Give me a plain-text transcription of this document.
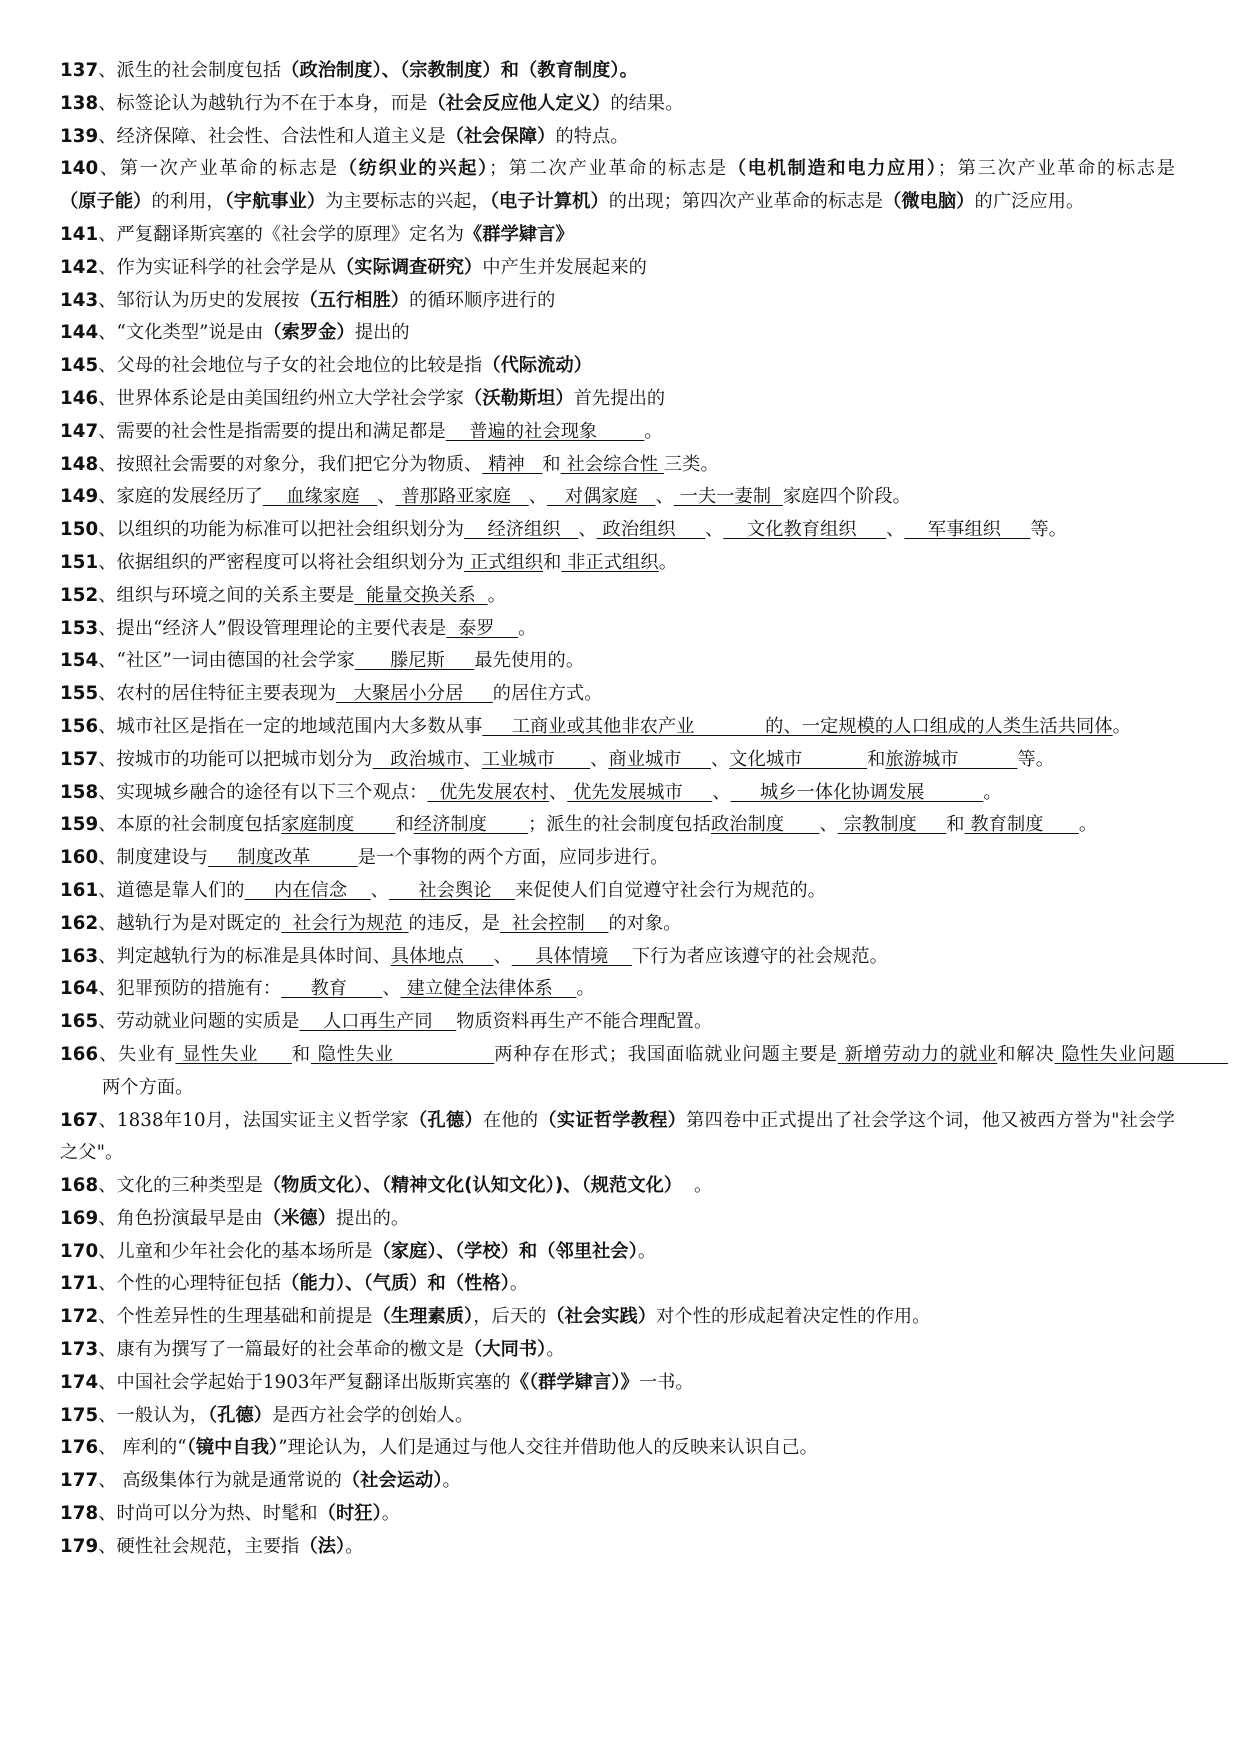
137、派生的社会制度包括（政治制度）、（宗教制度）和（教育制度）。
138、标签论认为越轨行为不在于本身，而是（社会反应他人定义）的结果。
139、经济保障、社会性、合法性和人道主义是（社会保障）的特点。
140、第一次产业革命的标志是（纺织业的兴起）；第二次产业革命的标志是（电机制造和电力应用）；第三次产业革命的标志是（原子能）的利用，（宇航事业）为主要标志的兴起，（电子计算机）的出现；第四次产业革命的标志是（微电脑）的广泛应用。
141、严复翻译斯宾塞的《社会学的原理》定名为《群学肄言》
142、作为实证科学的社会学是从（实际调查研究）中产生并发展起来的
143、邹衍认为历史的发展按（五行相胜）的循环顺序进行的
144、“文化类型”说是由（索罗金）提出的
145、父母的社会地位与子女的社会地位的比较是指（代际流动）
146、世界体系论是由美国纽约州立大学社会学家（沃勒斯坦）首先提出的
147、需要的社会性是指需要的提出和满足都是    普遍的社会现象        。
148、按照社会需要的对象分，我们把它分为物质、 精神   和 社会综合性 三类。
149、家庭的发展经历了    血缘家庭   、 普那路亚家庭   、   对偶家庭   、 一夫一妻制  家庭四个阶段。
150、以组织的功能为标准可以把社会组织划分为    经济组织   、 政治组织     、    文化教育组织     、    军事组织     等。
151、依据组织的严密程度可以将社会组织划分为 正式组织和 非正式组织。
152、组织与环境之间的关系主要是  能量交换关系  。
153、提出“经济人”假设管理理论的主要代表是  泰罗    。
154、“社区”一词由德国的社会学家      滕尼斯     最先使用的。
155、农村的居住特征主要表现为   大聚居小分居     的居住方式。
156、城市社区是指在一定的地域范围内大多数从事     工商业或其他非农产业            的、一定规模的人口组成的人类生活共同体。
157、按城市的功能可以把城市划分为   政治城市、工业城市      、商业城市     、文化城市           和旅游城市          等。
158、实现城乡融合的途径有以下三个观点：  优先发展农村、 优先发展城市     、     城乡一体化协调发展          。
159、本原的社会制度包括家庭制度       和经济制度       ；派生的社会制度包括政治制度      、 宗教制度     和 教育制度      。
160、制度建设与     制度改革        是一个事物的两个方面，应同步进行。
161、道德是靠人们的     内在信念    、     社会舆论    来促使人们自觉遵守社会行为规范的。
162、越轨行为是对既定的  社会行为规范 的违反，是  社会控制    的对象。
163、判定越轨行为的标准是具体时间、具体地点     、    具体情境    下行为者应该遵守的社会规范。
164、犯罪预防的措施有：     教育      、 建立健全法律体系    。
165、劳动就业问题的实质是    人口再生产同    物质资料再生产不能合理配置。
166、失业有 显性失业     和 隐性失业               两种存在形式；我国面临就业问题主要是 新增劳动力的就业和解决 隐性失业问题         两个方面。
167、1838年10月，法国实证主义哲学家（孔德）在他的（实证哲学教程）第四卷中正式提出了社会学这个词，他又被西方誉为"社会学之父"。
168、文化的三种类型是（物质文化）、（精神文化(认知文化）)、（规范文化）  。
169、角色扮演最早是由（米德）提出的。
170、儿童和少年社会化的基本场所是（家庭）、（学校）和（邻里社会）。
171、个性的心理特征包括（能力）、（气质）和（性格）。
172、个性差异性的生理基础和前提是（生理素质），后天的（社会实践）对个性的形成起着决定性的作用。
173、康有为撰写了一篇最好的社会革命的檄文是（大同书）。
174、中国社会学起始于1903年严复翻译出版斯宾塞的《（群学肄言）》一书。
175、一般认为，（孔德）是西方社会学的创始人。
176、 库利的“（镜中自我）”理论认为，人们是通过与他人交往并借助他人的反映来认识自己。
177、 高级集体行为就是通常说的（社会运动）。
178、时尚可以分为热、时髦和（时狂）。
179、硬性社会规范，主要指（法）。
